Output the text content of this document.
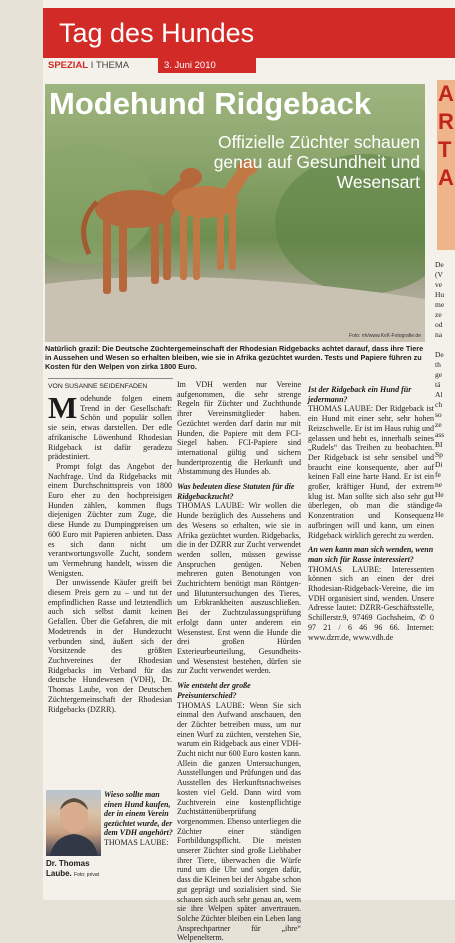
Tag des Hundes
SPEZIAL I THEMA	3. Juni 2010
Modehund Ridgeback
Offizielle Züchter schauen genau auf Gesundheit und Wesensart
Foto: nh/www.KvK-Fotografie.de
Natürlich grazil: Die Deutsche Züchtergemeinschaft der Rhodesian Ridgebacks achtet darauf, dass ihre Tiere in Aussehen und Wesen so erhalten bleiben, wie sie in Afrika gezüchtet wurden. Tests und Papiere führen zu Kosten für den Welpen von zirka 1800 Euro.
A
R
T
A
De
(V
ve
Hu
me
ze
od
na
De
th
ge
tä
Al
ch
so
ze
ass
BI
Sp
Di
fe
ne
He
da
He
VON SUSANNE SEIDENFADEN

Modehunde folgen einem Trend in der Gesellschaft: Schön und populär sollen sie sein, etwas darstellen. Der edle afrikanische Löwenhund Rhodesian Ridgeback ist dafür geradezu prädestiniert.

Prompt folgt das Angebot der Nachfrage. Und da Ridgebacks mit einem Durchschnittspreis von 1800 Euro eher zu den hochpreisigen Hunden zählen, kommen flugs diejenigen Züchter zum Zuge, die diese Hunde zu Dumpingpreisen um 600 Euro mit Papieren anbieten. Dass es sich dann nicht um verantwortungsvolle Zucht, sondern um Vermehrung handelt, wissen die Wenigsten.

Der unwissende Käufer greift bei diesem Preis gern zu – und tut der empfindlichen Rasse und letztendlich auch sich selbst damit keinen Gefallen. Über die Gefahren, die mit Modetrends in der Hundezucht verbunden sind, äußert sich der Vorsitzende des größten Zuchtvereines der Rhodesian Ridgebacks im Verband für das deutsche Hundewesen (VDH), Dr. Thomas Laube, von der Deutschen Züchtergemeinschaft der Rhodesian Ridgebacks (DZRR).

Dr. Thomas Laube. Foto: privat
Wieso sollte man einen Hund kaufen, der in einem Verein gezüchtet wurde, der dem VDH angehört?
THOMAS LAUBE:

Im VDH werden nur Vereine aufgenommen, die sehr strenge Regeln für Züchter und Zuchthunde ihrer Vereinsmitglieder haben. Gezüchtet werden darf darin nur mit Hunden, die Papiere mit dem FCI-Siegel haben. FCI-Papiere sind international gültig und sichern hundertprozentig die Herkunft und Abstammung des Hundes ab.

Was bedeuten diese Statuten für die Ridgebackzucht?

THOMAS LAUBE: Wir wollen die Hunde bezüglich des Aussehens und des Wesens so erhalten, wie sie in Afrika gezüchtet wurden. Ridgebacks, die in der DZRR zur Zucht verwendet werden sollen, müssen gewisse Anspruchen genügen. Neben mehreren guten Benotungen von Zuchtrichtern benötigt man Röntgen- und Blutuntersuchungen des Tieres, um Erbkrankheiten auszuschließen. Bei der Zuchtzulassungsprüfung erfolgt dann unter anderem ein Wesenstest. Erst wenn die Hunde die drei großen Hürden Exterieurbeurteilung, Gesundheits- und Wesenstest bestehen, dürfen sie zur Zucht verwendet werden.

Wie entsteht der große Preisunterschied?

THOMAS LAUBE: Wenn Sie sich einmal den Aufwand anschauen, den der Züchter betreiben muss, um nur einen Wurf zu züchten, verstehen Sie, warum ein Ridgeback aus einer VDH-Zucht nicht nur 600 Euro kosten kann. Allein die ganzen Untersuchungen, Ausstellungen und Prüfungen und das Ausstellen des Herkunftsnachweises kosten viel Geld. Dann wird vom Zuchtverein eine kostenpflichtige Zuchtstättenüberprüfung vorgenommen. Ebenso unterliegen die Züchter einer ständigen Fortbildungspflicht. Die meisten unserer Züchter sind große Liebhaber ihrer Tiere, überwachen die Würfe rund um die Uhr und sorgen dafür, dass die Kleinen bei der Abgabe schon gut geprägt und sozialisiert sind. Sie schauen sich auch sehr genau an, wem sie ihre Welpen später anvertrauen. Solche Züchter bleiben ein Leben lang Ansprechpartner für „ihre“ Welpenelterm.

Ist der Ridgeback ein Hund für jedermann?

THOMAS LAUBE: Der Ridgeback ist ein Hund mit einer sehr, sehr hohen Reizschwelle. Er ist im Haus ruhig und gelassen und hebt es, innerhalb seines „Rudels“ das Treiben zu beobachten. Der Ridgeback ist sehr sensibel und braucht eine konsequente, aber auf keinen Fall eine harte Hand. Er ist ein großer, kräftiger Hund, der extrem klug ist. Man sollte sich also sehr gut überlegen, ob man die ständige Konzentration und Konsequenz aufbringen will und kann, um einen Ridgeback wirklich gerecht zu werden.

An wen kann man sich wenden, wenn man sich für Rasse interessiert?

THOMAS LAUBE: Interessenten können sich an einen der drei Rhodesian-Ridgeback-Vereine, die im VDH organisiert sind, wenden. Unsere Adresse lautet: DZRR-Geschäftsstelle, Schillerstr.9, 97469 Gochsheim, ✆ 0 97 21 / 6 46 96 66. Internet: www.dzrr.de, www.vdh.de
